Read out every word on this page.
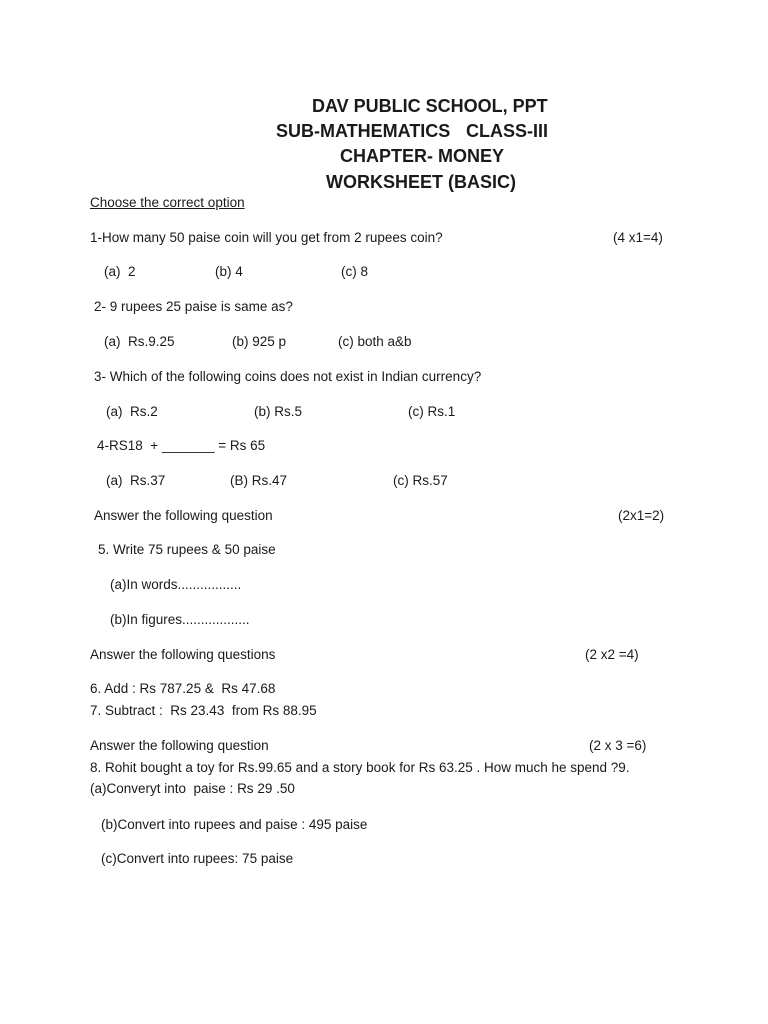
DAV PUBLIC SCHOOL, PPT
SUB-MATHEMATICS CLASS-III
CHAPTER- MONEY
WORKSHEET (BASIC)
Choose the correct option
1-How many 50 paise coin will you get from 2 rupees coin?	(4 x1=4)
(a)  2	(b) 4	(c) 8
2- 9 rupees 25 paise is same as?
(a)  Rs.9.25	(b) 925 p	(c) both a&b
3- Which of the following coins does not exist in Indian currency?
(a)  Rs.2	(b) Rs.5	(c) Rs.1
4-RS18  + _______ = Rs 65
(a)  Rs.37	(B) Rs.47	(c) Rs.57
Answer the following question	(2x1=2)
5. Write 75 rupees & 50 paise
(a)In words.................
(b)In figures..................
Answer the following questions	(2 x2 =4)
6. Add : Rs 787.25 &  Rs 47.68
7. Subtract :  Rs 23.43  from Rs 88.95
Answer the following question	(2 x 3 =6)
8. Rohit bought a toy for Rs.99.65 and a story book for Rs 63.25 . How much he spend ?9.
(a)Converyt into  paise : Rs 29 .50
(b)Convert into rupees and paise : 495 paise
(c)Convert into rupees: 75 paise
